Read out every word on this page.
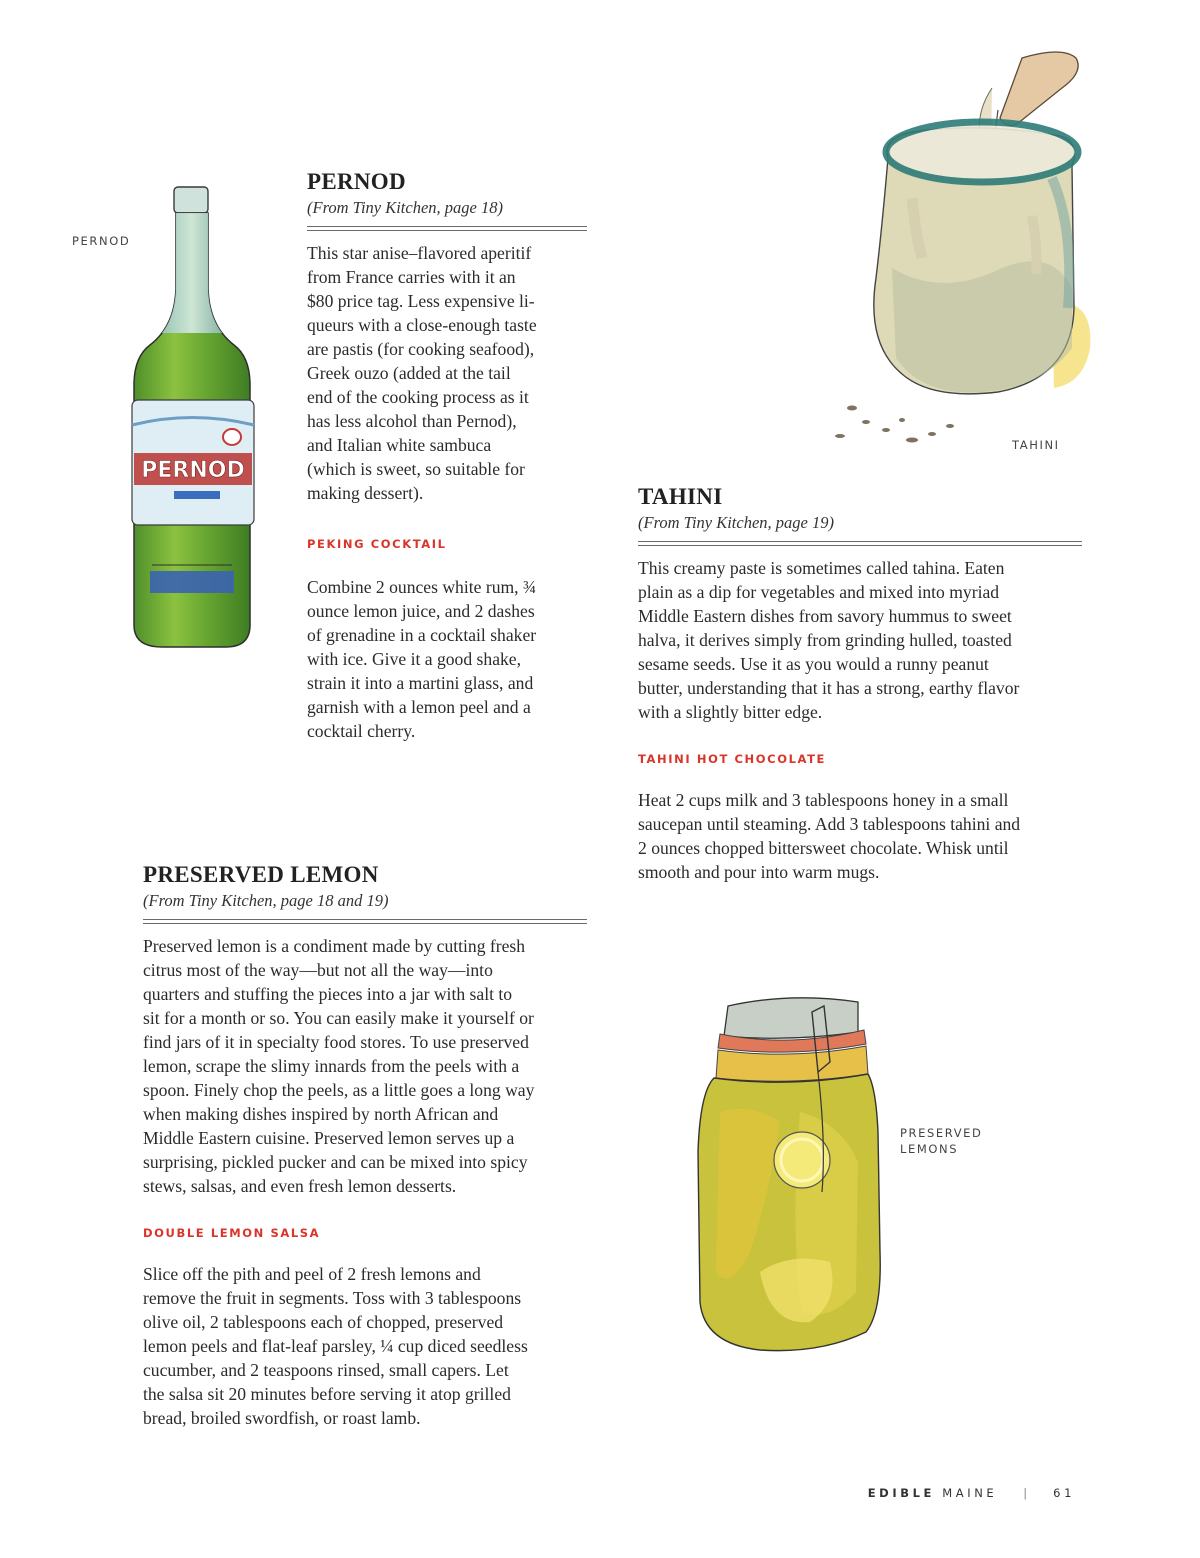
PERNOD
PERNOD
PERNOD
(From Tiny Kitchen, page 18)

This star anise–flavored aperitif
from France carries with it an
$80 price tag. Less expensive li-
queurs with a close-enough taste
are pastis (for cooking seafood),
Greek ouzo (added at the tail
end of the cooking process as it
has less alcohol than Pernod),
and Italian white sambuca
(which is sweet, so suitable for
making dessert).

PEKING COCKTAIL

Combine 2 ounces white rum, ¾
ounce lemon juice, and 2 dashes
of grenadine in a cocktail shaker
with ice. Give it a good shake,
strain it into a martini glass, and
garnish with a lemon peel and a
cocktail cherry.

TAHINI
TAHINI
(From Tiny Kitchen, page 19)

This creamy paste is sometimes called tahina. Eaten
plain as a dip for vegetables and mixed into myriad
Middle Eastern dishes from savory hummus to sweet
halva, it derives simply from grinding hulled, toasted
sesame seeds. Use it as you would a runny peanut
butter, understanding that it has a strong, earthy flavor
with a slightly bitter edge.

TAHINI HOT CHOCOLATE

Heat 2 cups milk and 3 tablespoons honey in a small
saucepan until steaming. Add 3 tablespoons tahini and
2 ounces chopped bittersweet chocolate. Whisk until
smooth and pour into warm mugs.

PRESERVED LEMON
(From Tiny Kitchen, page 18 and 19)

Preserved lemon is a condiment made by cutting fresh
citrus most of the way—but not all the way—into
quarters and stuffing the pieces into a jar with salt to
sit for a month or so. You can easily make it yourself or
find jars of it in specialty food stores. To use preserved
lemon, scrape the slimy innards from the peels with a
spoon. Finely chop the peels, as a little goes a long way
when making dishes inspired by north African and
Middle Eastern cuisine. Preserved lemon serves up a
surprising, pickled pucker and can be mixed into spicy
stews, salsas, and even fresh lemon desserts.

DOUBLE LEMON SALSA

Slice off the pith and peel of 2 fresh lemons and
remove the fruit in segments. Toss with 3 tablespoons
olive oil, 2 tablespoons each of chopped, preserved
lemon peels and flat-leaf parsley, ¼ cup diced seedless
cucumber, and 2 teaspoons rinsed, small capers. Let
the salsa sit 20 minutes before serving it atop grilled
bread, broiled swordfish, or roast lamb.

PRESERVED
LEMONS
EDIBLE MAINE | 61
